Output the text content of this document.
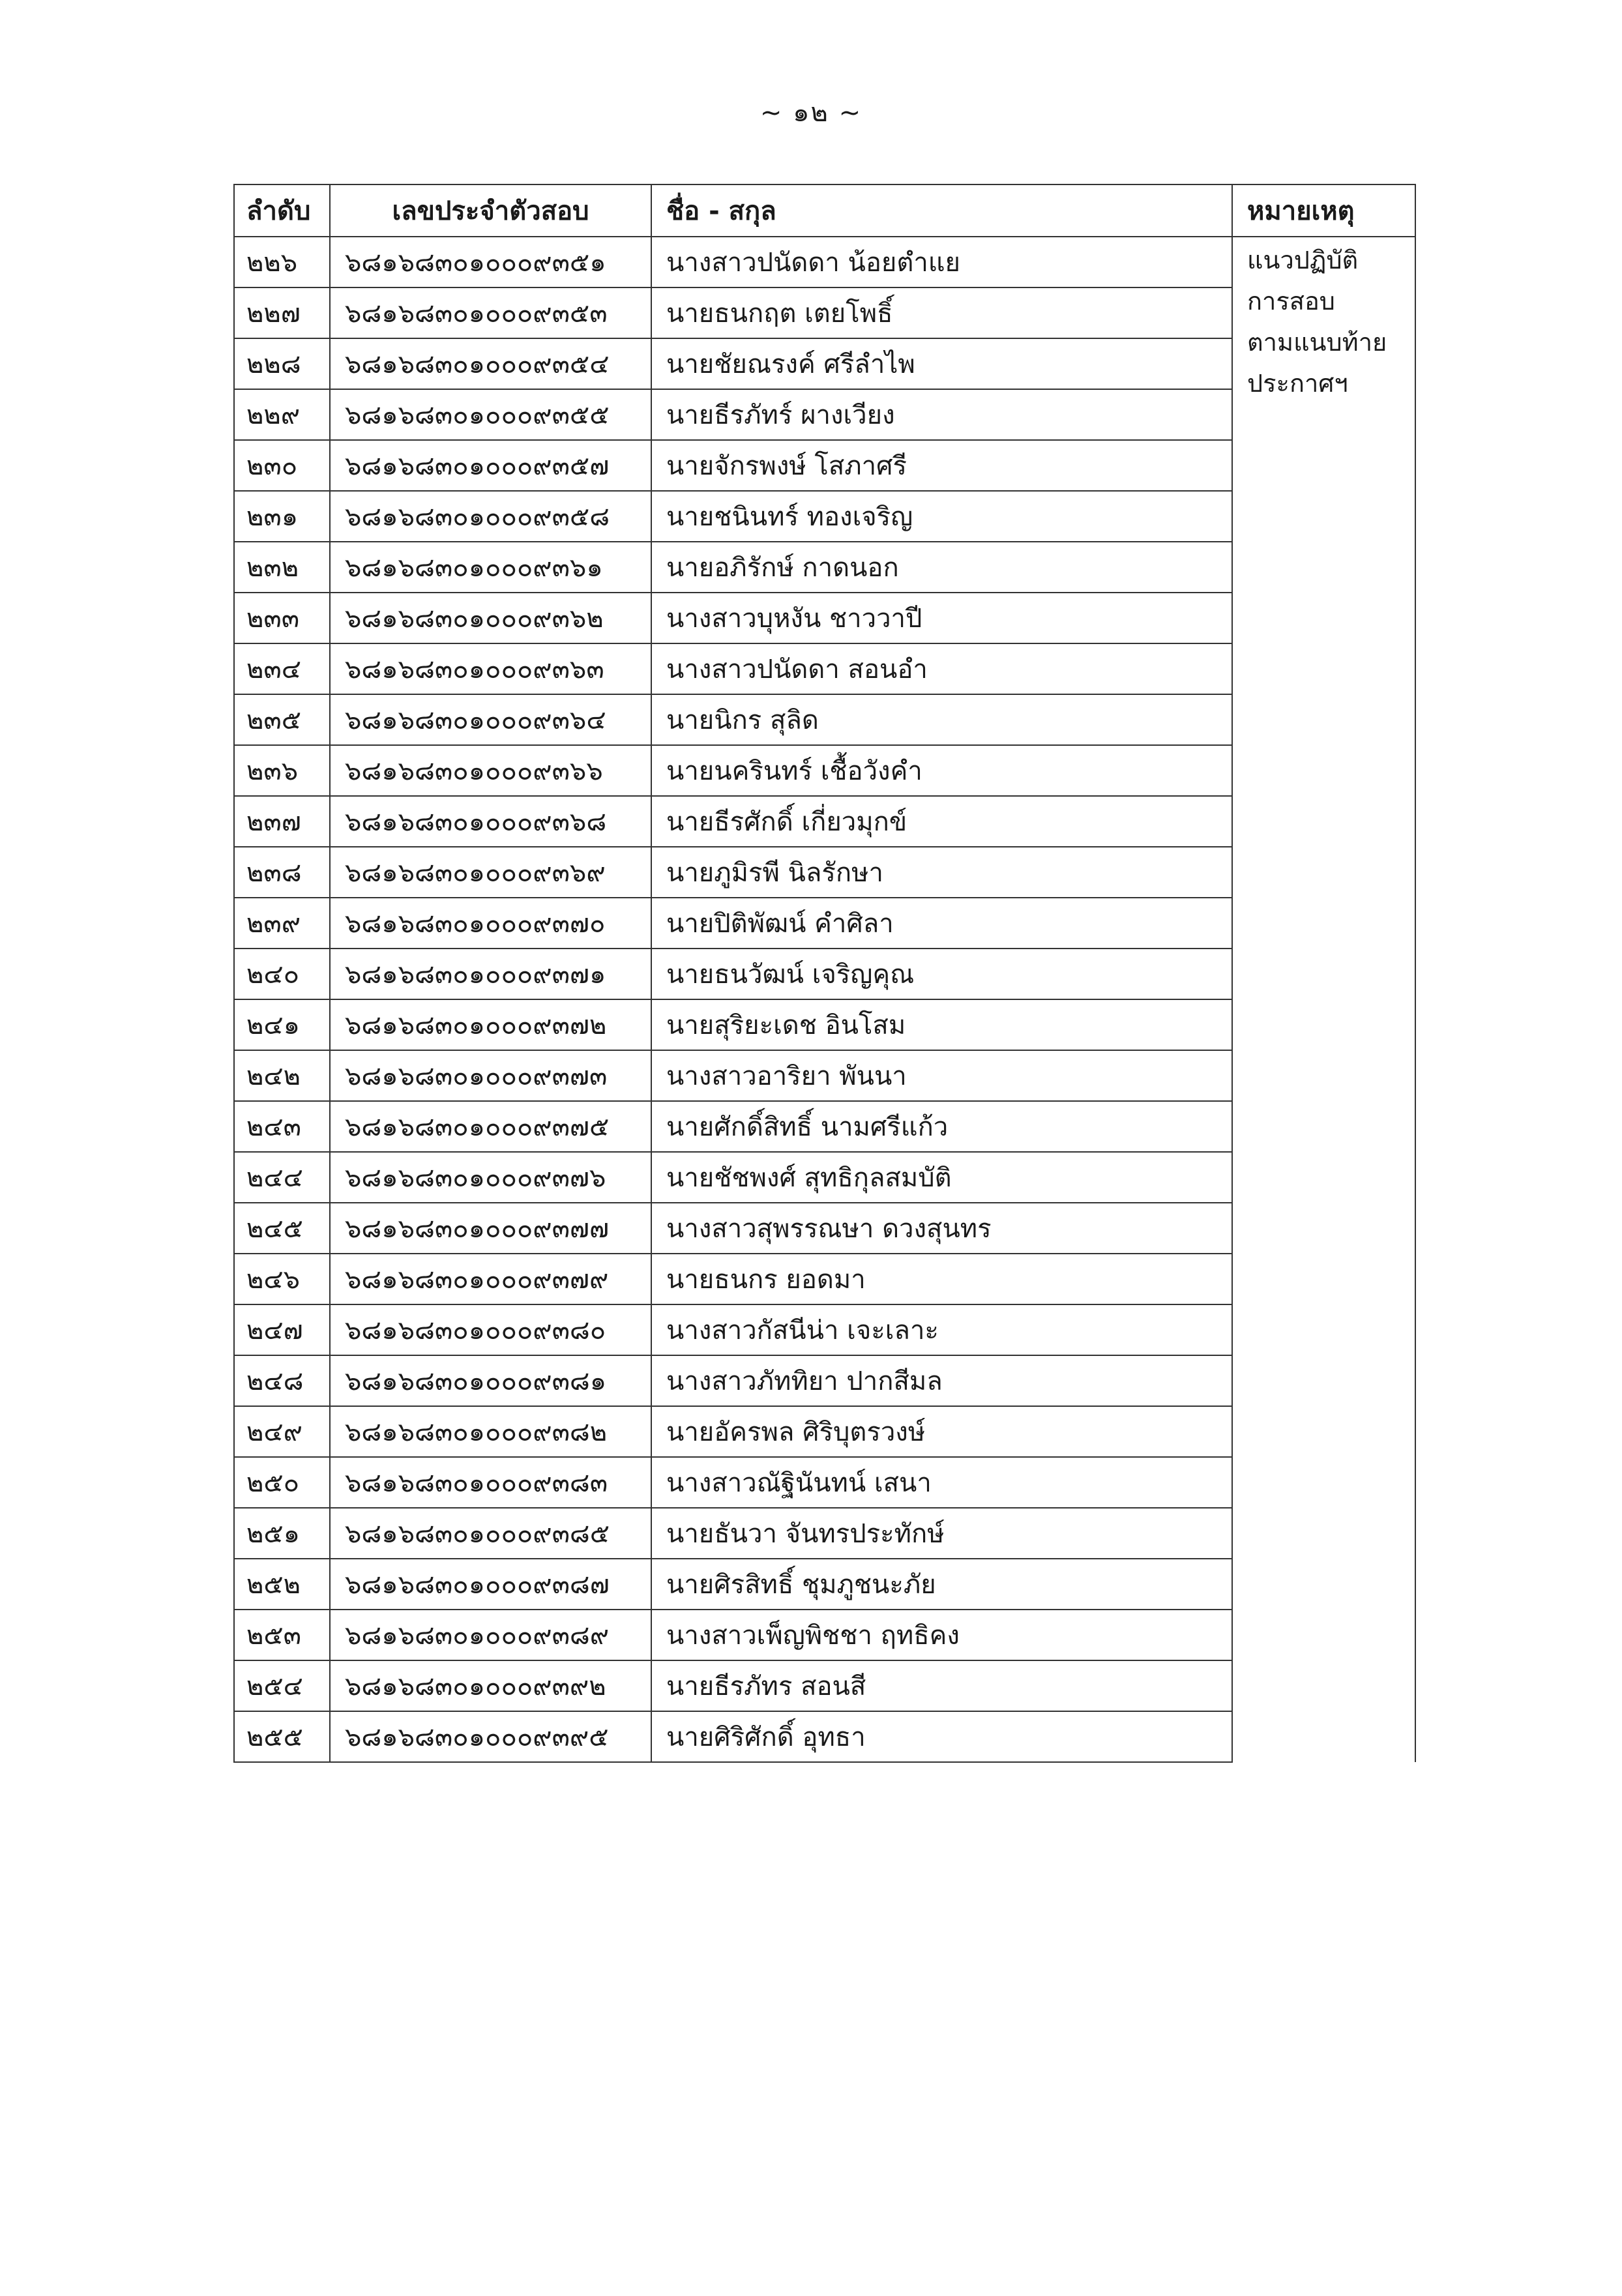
~ ๑๒ ~
ลำดับ	เลขประจำตัวสอบ	ชื่อ - สกุล	หมายเหตุ
๒๒๖	๖๘๑๖๘๓๐๑๐๐๐๙๓๕๑	นางสาวปนัดดา น้อยตำแย	แนวปฏิบัติ
การสอบ
ตามแนบท้าย
ประกาศฯ

๒๒๗	๖๘๑๖๘๓๐๑๐๐๐๙๓๕๓	นายธนกฤต เตยโพธิ์	
๒๒๘	๖๘๑๖๘๓๐๑๐๐๐๙๓๕๔	นายชัยณรงค์ ศรีลำไพ	
๒๒๙	๖๘๑๖๘๓๐๑๐๐๐๙๓๕๕	นายธีรภัทร์ ผางเวียง	
๒๓๐	๖๘๑๖๘๓๐๑๐๐๐๙๓๕๗	นายจักรพงษ์ โสภาศรี	
๒๓๑	๖๘๑๖๘๓๐๑๐๐๐๙๓๕๘	นายชนินทร์ ทองเจริญ	
๒๓๒	๖๘๑๖๘๓๐๑๐๐๐๙๓๖๑	นายอภิรักษ์ กาดนอก	
๒๓๓	๖๘๑๖๘๓๐๑๐๐๐๙๓๖๒	นางสาวบุหงัน ชาววาปี	
๒๓๔	๖๘๑๖๘๓๐๑๐๐๐๙๓๖๓	นางสาวปนัดดา สอนอำ	
๒๓๕	๖๘๑๖๘๓๐๑๐๐๐๙๓๖๔	นายนิกร สุลิด	
๒๓๖	๖๘๑๖๘๓๐๑๐๐๐๙๓๖๖	นายนครินทร์ เชื้อวังคำ	
๒๓๗	๖๘๑๖๘๓๐๑๐๐๐๙๓๖๘	นายธีรศักดิ์ เกี่ยวมุกข์	
๒๓๘	๖๘๑๖๘๓๐๑๐๐๐๙๓๖๙	นายภูมิรพี นิลรักษา	
๒๓๙	๖๘๑๖๘๓๐๑๐๐๐๙๓๗๐	นายปิติพัฒน์ คำศิลา	
๒๔๐	๖๘๑๖๘๓๐๑๐๐๐๙๓๗๑	นายธนวัฒน์ เจริญคุณ	
๒๔๑	๖๘๑๖๘๓๐๑๐๐๐๙๓๗๒	นายสุริยะเดช อินโสม	
๒๔๒	๖๘๑๖๘๓๐๑๐๐๐๙๓๗๓	นางสาวอาริยา พันนา	
๒๔๓	๖๘๑๖๘๓๐๑๐๐๐๙๓๗๕	นายศักดิ์สิทธิ์ นามศรีแก้ว	
๒๔๔	๖๘๑๖๘๓๐๑๐๐๐๙๓๗๖	นายชัชพงศ์ สุทธิกุลสมบัติ	
๒๔๕	๖๘๑๖๘๓๐๑๐๐๐๙๓๗๗	นางสาวสุพรรณษา ดวงสุนทร	
๒๔๖	๖๘๑๖๘๓๐๑๐๐๐๙๓๗๙	นายธนกร ยอดมา	
๒๔๗	๖๘๑๖๘๓๐๑๐๐๐๙๓๘๐	นางสาวกัสนีน่า เจะเลาะ	
๒๔๘	๖๘๑๖๘๓๐๑๐๐๐๙๓๘๑	นางสาวภัททิยา ปากสีมล	
๒๔๙	๖๘๑๖๘๓๐๑๐๐๐๙๓๘๒	นายอัครพล ศิริบุตรวงษ์	
๒๕๐	๖๘๑๖๘๓๐๑๐๐๐๙๓๘๓	นางสาวณัฐินันทน์ เสนา	
๒๕๑	๖๘๑๖๘๓๐๑๐๐๐๙๓๘๕	นายธันวา จันทรประทักษ์	
๒๕๒	๖๘๑๖๘๓๐๑๐๐๐๙๓๘๗	นายศิรสิทธิ์ ชุมภูชนะภัย	
๒๕๓	๖๘๑๖๘๓๐๑๐๐๐๙๓๘๙	นางสาวเพ็ญพิชชา ฤทธิคง	
๒๕๔	๖๘๑๖๘๓๐๑๐๐๐๙๓๙๒	นายธีรภัทร สอนสี	
๒๕๕	๖๘๑๖๘๓๐๑๐๐๐๙๓๙๕	นายศิริศักดิ์ อุทธา	
